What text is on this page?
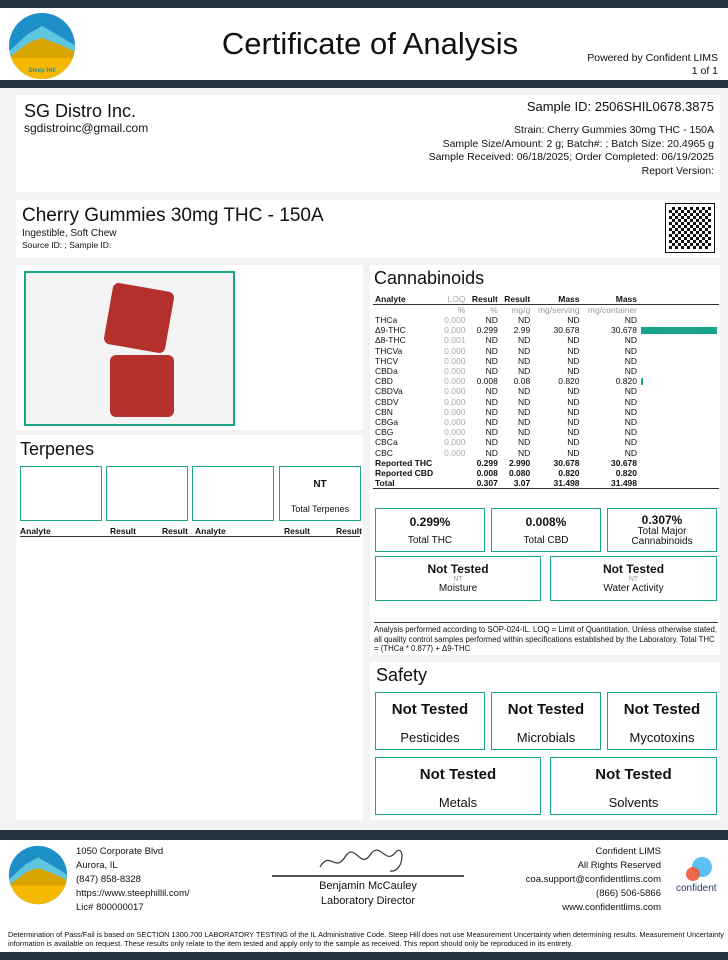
Steep Hill
Certificate of Analysis	Powered by Confident LIMS
1 of 1
SG Distro Inc.
sgdistroinc@gmail.com
Sample ID: 2506SHIL0678.3875
Strain: Cherry Gummies 30mg THC - 150A
Sample Size/Amount: 2 g; Batch#: ; Batch Size: 20.4965 g
Sample Received: 06/18/2025; Order Completed: 06/19/2025
Report Version:
Cherry Gummies 30mg THC - 150A
Ingestible, Soft Chew
Source ID: ; Sample ID:
Terpenes
NT
Total Terpenes
Analyte	Result	Result Analyte	Result	Result
Cannabinoids
Analyte	LOQ	Result	Result	Mass	Mass	
	%	%	mg/g	mg/serving	mg/container	
THCa	0.000	ND	ND	ND	ND	
Δ9-THC	0.000	0.299	2.99	30.678	30.678	

Δ8-THC	0.001	ND	ND	ND	ND	
THCVa	0.000	ND	ND	ND	ND	
THCV	0.000	ND	ND	ND	ND	
CBDa	0.000	ND	ND	ND	ND	
CBD	0.000	0.008	0.08	0.820	0.820	

CBDVa	0.000	ND	ND	ND	ND	
CBDV	0.000	ND	ND	ND	ND	
CBN	0.000	ND	ND	ND	ND	
CBGa	0.000	ND	ND	ND	ND	
CBG	0.000	ND	ND	ND	ND	
CBCa	0.000	ND	ND	ND	ND	
CBC	0.000	ND	ND	ND	ND	
Reported THC		0.299	2.990	30.678	30.678	
Reported CBD		0.008	0.080	0.820	0.820	
Total		0.307	3.07	31.498	31.498	
0.299%
Total THC
0.008%
Total CBD
0.307%
Total Major Cannabinoids
Not Tested
NT
Moisture
Not Tested
NT
Water Activity
Analysis performed according to SOP-024-IL. LOQ = Limit of Quantitation. Unless otherwise stated, all quality control samples performed within specifications established by the Laboratory. Total THC = (THCa * 0.877) + Δ9-THC
Safety
Not Tested
Pesticides
Not Tested
Microbials
Not Tested
Mycotoxins
Not Tested
Metals
Not Tested
Solvents
1050 Corporate Blvd
Aurora, IL
(847) 858-8328
https://www.steephillil.com/
Lic# 800000017
Benjamin McCauley
Laboratory Director
Confident LIMS
All Rights Reserved
coa.support@confidentlims.com
(866) 506-5866
www.confidentlims.com
confident
Determination of Pass/Fail is based on SECTION 1300.700 LABORATORY TESTING of the IL Administrative Code. Steep Hill does not use Measurement Uncertainty when determining results. Measurement Uncertainty information is available on request. These results only relate to the item tested and apply only to the sample as received. This report should only be reproduced in its entirety.
